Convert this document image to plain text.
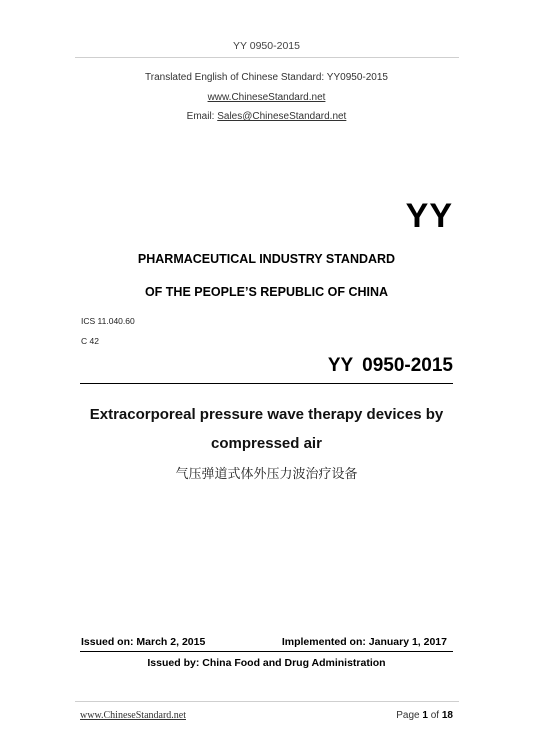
YY 0950-2015
Translated English of Chinese Standard: YY0950-2015
www.ChineseStandard.net
Email: Sales@ChineseStandard.net
YY
PHARMACEUTICAL INDUSTRY STANDARD
OF THE PEOPLE’S REPUBLIC OF CHINA
ICS 11.040.60
C 42
YY 0950-2015
Extracorporeal pressure wave therapy devices by
compressed air
气压弹道式体外压力波治疗设备
Issued on: March 2, 2015	Implemented on: January 1, 2017
Issued by: China Food and Drug Administration
www.ChineseStandard.net	Page 1 of 18
